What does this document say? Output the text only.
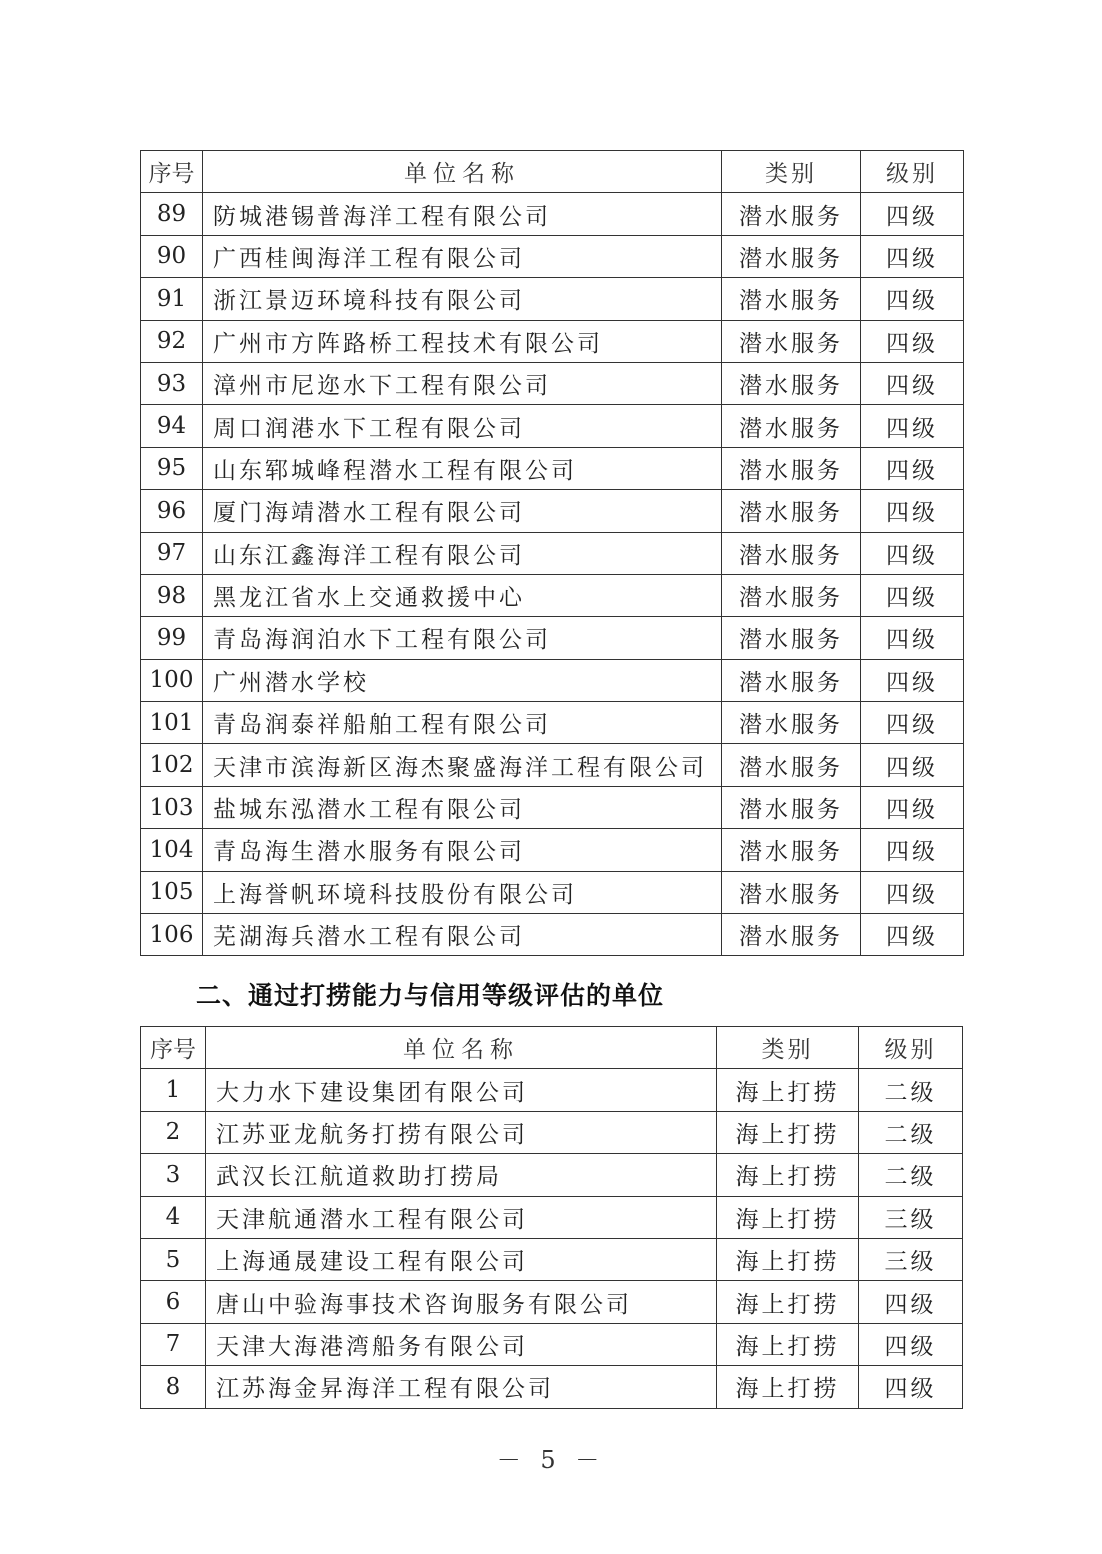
序号	单位名称	类别	级别
89	防城港锡普海洋工程有限公司	潜水服务	四级
90	广西桂闽海洋工程有限公司	潜水服务	四级
91	浙江景迈环境科技有限公司	潜水服务	四级
92	广州市方阵路桥工程技术有限公司	潜水服务	四级
93	漳州市尼迩水下工程有限公司	潜水服务	四级
94	周口润港水下工程有限公司	潜水服务	四级
95	山东郓城峰程潜水工程有限公司	潜水服务	四级
96	厦门海靖潜水工程有限公司	潜水服务	四级
97	山东江鑫海洋工程有限公司	潜水服务	四级
98	黑龙江省水上交通救援中心	潜水服务	四级
99	青岛海润泊水下工程有限公司	潜水服务	四级
100	广州潜水学校	潜水服务	四级
101	青岛润泰祥船舶工程有限公司	潜水服务	四级
102	天津市滨海新区海杰聚盛海洋工程有限公司	潜水服务	四级
103	盐城东泓潜水工程有限公司	潜水服务	四级
104	青岛海生潜水服务有限公司	潜水服务	四级
105	上海誉帆环境科技股份有限公司	潜水服务	四级
106	芜湖海兵潜水工程有限公司	潜水服务	四级
二、通过打捞能力与信用等级评估的单位
序号	单位名称	类别	级别
1	大力水下建设集团有限公司	海上打捞	二级
2	江苏亚龙航务打捞有限公司	海上打捞	二级
3	武汉长江航道救助打捞局	海上打捞	二级
4	天津航通潜水工程有限公司	海上打捞	三级
5	上海通晟建设工程有限公司	海上打捞	三级
6	唐山中验海事技术咨询服务有限公司	海上打捞	四级
7	天津大海港湾船务有限公司	海上打捞	四级
8	江苏海金昇海洋工程有限公司	海上打捞	四级
－ 5 －
